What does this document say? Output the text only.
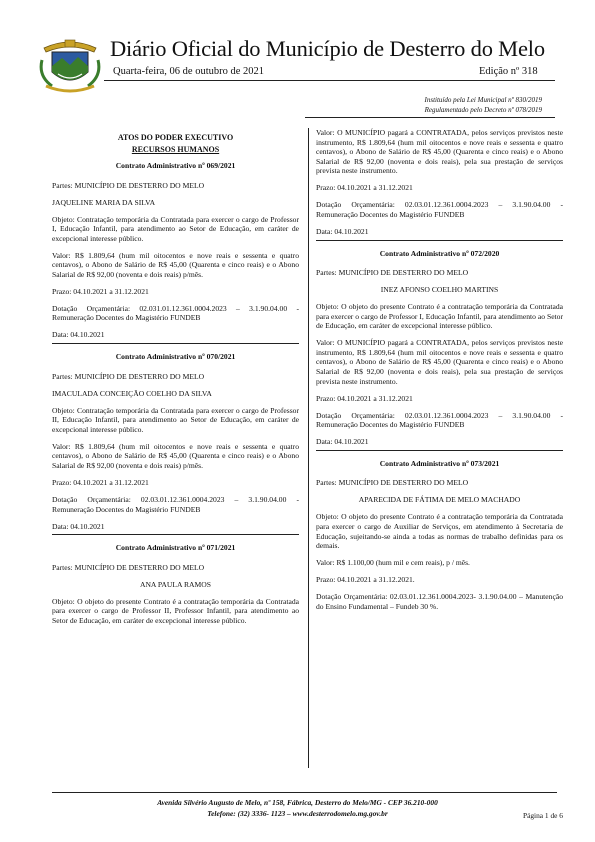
Diário Oficial do Município de Desterro do Melo
Quarta-feira, 06 de outubro de 2021	Edição nº 318
Instituído pela Lei Municipal nº 830/2019
Regulamentado pelo Decreto nº 078/2019
ATOS DO PODER EXECUTIVO
RECURSOS HUMANOS
Contrato Administrativo nº 069/2021

Partes: MUNICÍPIO DE DESTERRO DO MELO

JAQUELINE MARIA DA SILVA

Objeto: Contratação temporária da Contratada para exercer o cargo de Professor I, Educação Infantil, para atendimento ao Setor de Educação, em caráter de excepcional interesse público.

Valor: R$ 1.809,64 (hum mil oitocentos e nove reais e sessenta e quatro centavos), o Abono de Salário de R$ 45,00 (Quarenta e cinco reais) e o Abono Salarial de R$ 92,00 (noventa e dois reais) p/mês.

Prazo: 04.10.2021 a 31.12.2021

Dotação Orçamentária: 02.031.01.12.361.0004.2023 – 3.1.90.04.00 - Remuneração Docentes do Magistério FUNDEB

Data: 04.10.2021

Contrato Administrativo nº 070/2021

Partes: MUNICÍPIO DE DESTERRO DO MELO

IMACULADA CONCEIÇÃO COELHO DA SILVA

Objeto: Contratação temporária da Contratada para exercer o cargo de Professor II, Educação Infantil, para atendimento ao Setor de Educação, em caráter de excepcional interesse público.

Valor: R$ 1.809,64 (hum mil oitocentos e nove reais e sessenta e quatro centavos), o Abono de Salário de R$ 45,00 (Quarenta e cinco reais) e o Abono Salarial de R$ 92,00 (noventa e dois reais) p/mês.

Prazo: 04.10.2021 a 31.12.2021

Dotação Orçamentária: 02.03.01.12.361.0004.2023 – 3.1.90.04.00 - Remuneração Docentes do Magistério FUNDEB

Data: 04.10.2021

Contrato Administrativo nº 071/2021

Partes: MUNICÍPIO DE DESTERRO DO MELO

ANA PAULA RAMOS

Objeto: O objeto do presente Contrato é a contratação temporária da Contratada para exercer o cargo de Professor II, Professor Infantil, para atendimento ao Setor de Educação, em caráter de excepcional interesse público.

Valor: O MUNICÍPIO pagará a CONTRATADA, pelos serviços previstos neste instrumento, R$ 1.809,64 (hum mil oitocentos e nove reais e sessenta e quatro centavos), o Abono de Salário de R$ 45,00 (Quarenta e cinco reais) e o Abono Salarial de R$ 92,00 (noventa e dois reais), pela sua prestação de serviços prevista neste instrumento.

Prazo: 04.10.2021 a 31.12.2021

Dotação Orçamentária: 02.03.01.12.361.0004.2023 – 3.1.90.04.00 - Remuneração Docentes do Magistério FUNDEB

Data: 04.10.2021

Contrato Administrativo nº 072/2020

Partes: MUNICÍPIO DE DESTERRO DO MELO

INEZ AFONSO COELHO MARTINS

Objeto: O objeto do presente Contrato é a contratação temporária da Contratada para exercer o cargo de Professor I, Educação Infantil, para atendimento ao Setor de Educação, em caráter de excepcional interesse público.

Valor: O MUNICÍPIO pagará a CONTRATADA, pelos serviços previstos neste instrumento, R$ 1.809,64 (hum mil oitocentos e nove reais e sessenta e quatro centavos), o Abono de Salário de R$ 45,00 (Quarenta e cinco reais) e o Abono Salarial de R$ 92,00 (noventa e dois reais), pela sua prestação de serviços prevista neste instrumento.

Prazo: 04.10.2021 a 31.12.2021

Dotação Orçamentária: 02.03.01.12.361.0004.2023 – 3.1.90.04.00 - Remuneração Docentes do Magistério FUNDEB

Data: 04.10.2021

Contrato Administrativo nº 073/2021

Partes: MUNICÍPIO DE DESTERRO DO MELO

APARECIDA DE FÁTIMA DE MELO MACHADO

Objeto: O objeto do presente Contrato é a contratação temporária da Contratada para exercer o cargo de Auxiliar de Serviços, em atendimento à Secretaria de Educação, sujeitando-se ainda a todas as normas de trabalho definidas para os demais.

Valor: R$ 1.100,00 (hum mil e cem reais), p / mês.

Prazo: 04.10.2021 a 31.12.2021.

Dotação Orçamentária: 02.03.01.12.361.0004.2023- 3.1.90.04.00 – Manutenção do Ensino Fundamental – Fundeb 30 %.

Avenida Silvério Augusto de Melo, nº 158, Fábrica, Desterro do Melo/MG - CEP 36.210-000
Telefone: (32) 3336- 1123 – www.desterrodomelo.mg.gov.br	Página 1 de 6
